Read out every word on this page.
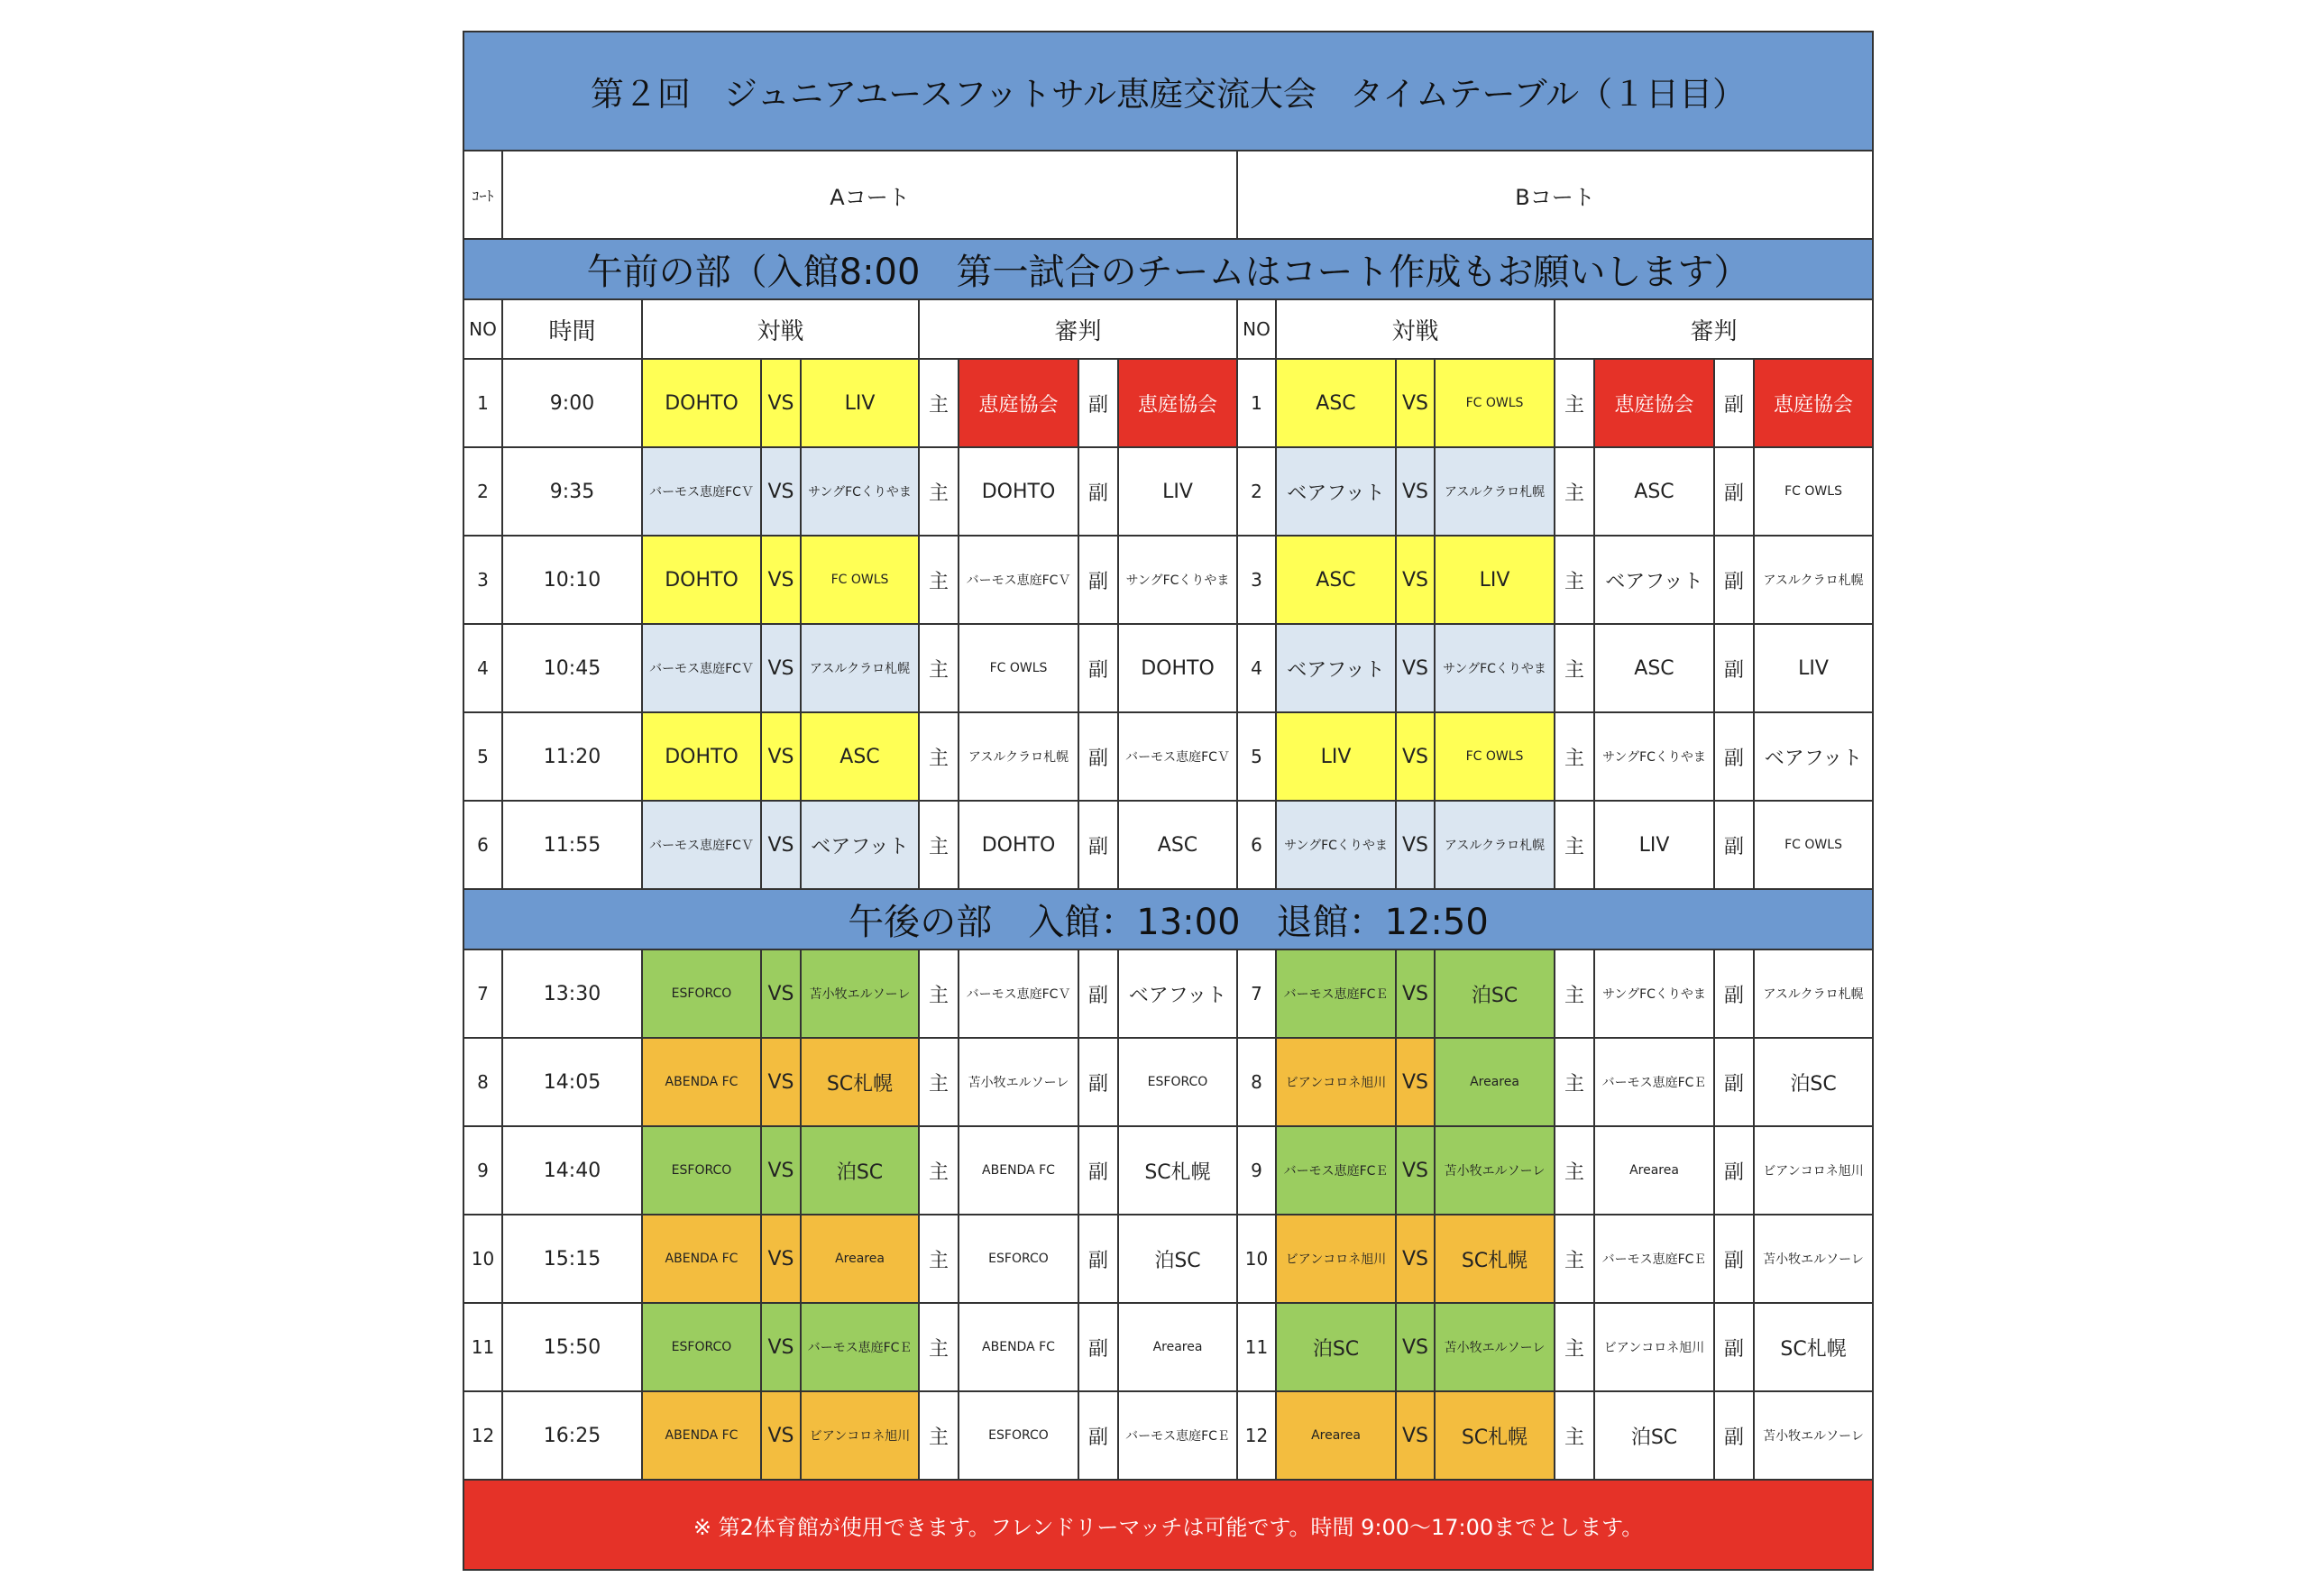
第２回　ジュニアユースフットサル恵庭交流大会　タイムテーブル（１日目）																
ｺｰﾄ	Aコート								Bコート							
午前の部（入館8:00　第一試合のチームはコート作成もお願いします）																
NO	時間	対戦			審判				NO	対戦			審判			
1	9:00	DOHTO	VS	LIV	主	恵庭協会	副	恵庭協会	1	ASC	VS	FC OWLS	主	恵庭協会	副	恵庭協会
2	9:35	バーモス恵庭FCＶ	VS	サングFCくりやま	主	DOHTO	副	LIV	2	ベアフット	VS	アスルクラロ札幌	主	ASC	副	FC OWLS
3	10:10	DOHTO	VS	FC OWLS	主	バーモス恵庭FCＶ	副	サングFCくりやま	3	ASC	VS	LIV	主	ベアフット	副	アスルクラロ札幌
4	10:45	バーモス恵庭FCＶ	VS	アスルクラロ札幌	主	FC OWLS	副	DOHTO	4	ベアフット	VS	サングFCくりやま	主	ASC	副	LIV
5	11:20	DOHTO	VS	ASC	主	アスルクラロ札幌	副	バーモス恵庭FCＶ	5	LIV	VS	FC OWLS	主	サングFCくりやま	副	ベアフット
6	11:55	バーモス恵庭FCＶ	VS	ベアフット	主	DOHTO	副	ASC	6	サングFCくりやま	VS	アスルクラロ札幌	主	LIV	副	FC OWLS
午後の部　入館：13:00　退館：12:50																
7	13:30	ESFORCO	VS	苫小牧エルソーレ	主	バーモス恵庭FCＶ	副	ベアフット	7	バーモス恵庭FCＥ	VS	泊SC	主	サングFCくりやま	副	アスルクラロ札幌
8	14:05	ABENDA FC	VS	SC札幌	主	苫小牧エルソーレ	副	ESFORCO	8	ビアンコロネ旭川	VS	Arearea	主	バーモス恵庭FCＥ	副	泊SC
9	14:40	ESFORCO	VS	泊SC	主	ABENDA FC	副	SC札幌	9	バーモス恵庭FCＥ	VS	苫小牧エルソーレ	主	Arearea	副	ビアンコロネ旭川
10	15:15	ABENDA FC	VS	Arearea	主	ESFORCO	副	泊SC	10	ビアンコロネ旭川	VS	SC札幌	主	バーモス恵庭FCＥ	副	苫小牧エルソーレ
11	15:50	ESFORCO	VS	バーモス恵庭FCＥ	主	ABENDA FC	副	Arearea	11	泊SC	VS	苫小牧エルソーレ	主	ビアンコロネ旭川	副	SC札幌
12	16:25	ABENDA FC	VS	ビアンコロネ旭川	主	ESFORCO	副	バーモス恵庭FCＥ	12	Arearea	VS	SC札幌	主	泊SC	副	苫小牧エルソーレ
※ 第2体育館が使用できます。フレンドリーマッチは可能です。時間 9:00〜17:00までとします。																
